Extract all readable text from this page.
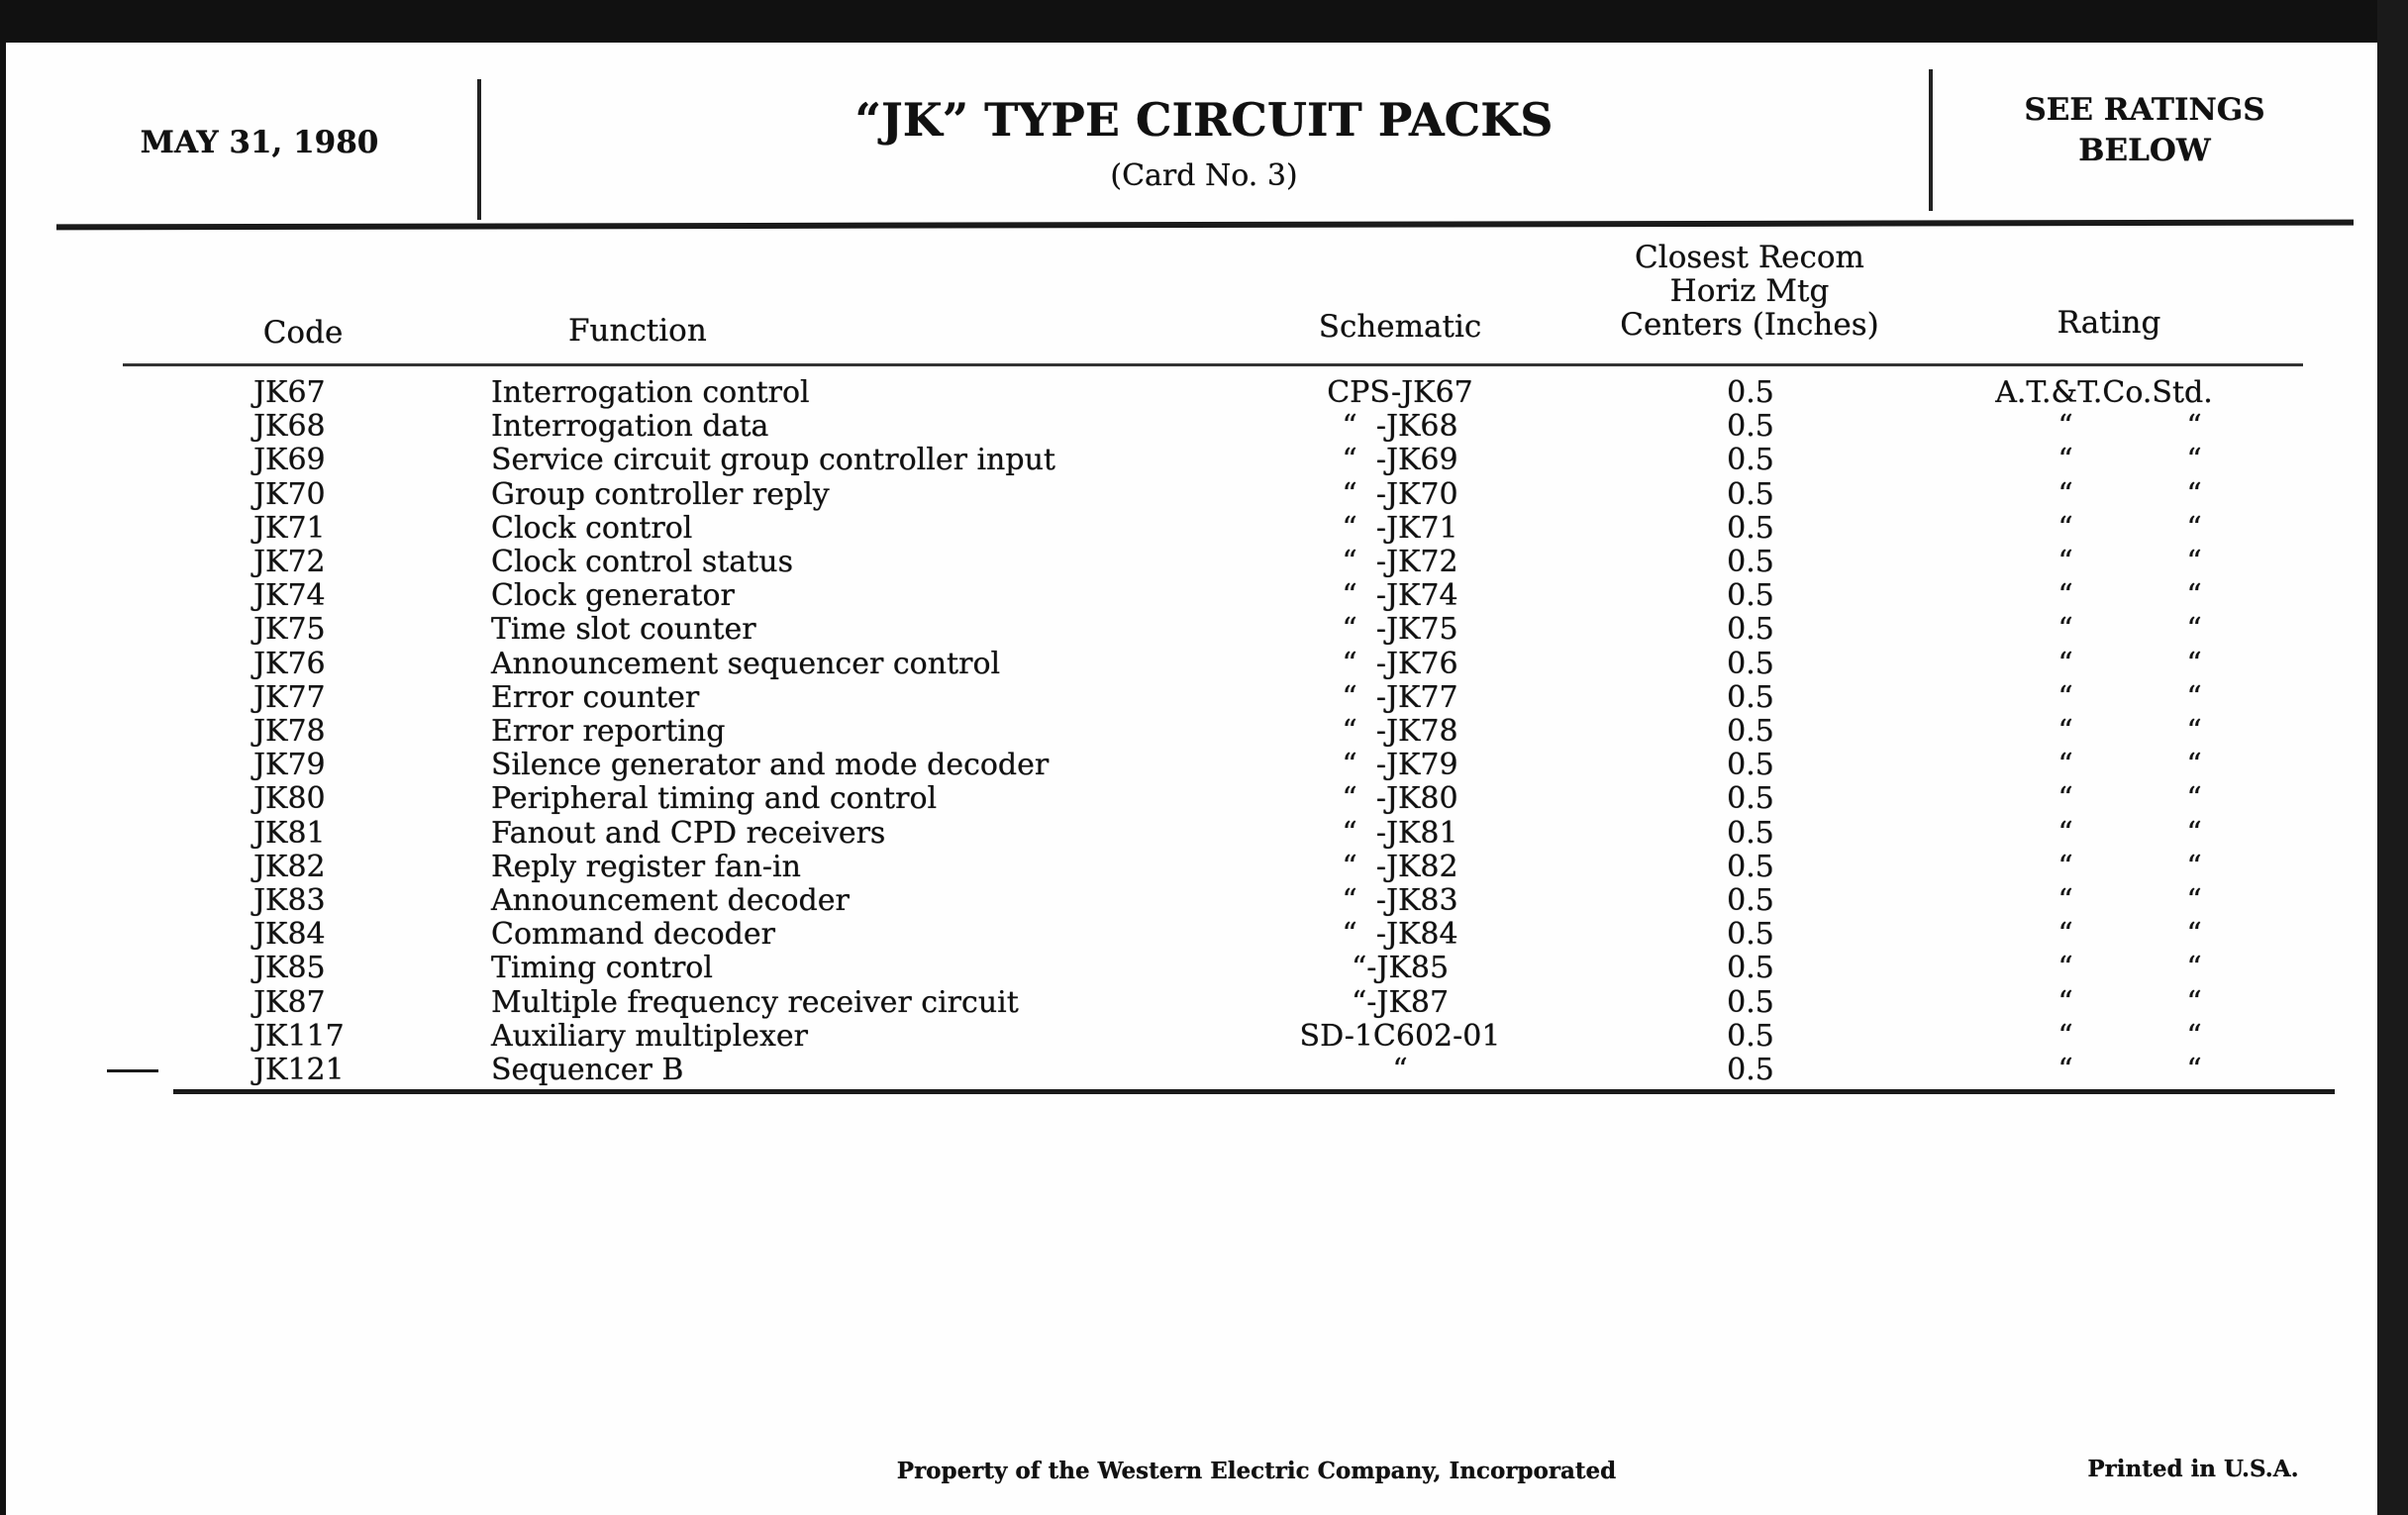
MAY 31, 1980	“JK” TYPE CIRCUIT PACKS
(Card No. 3)
SEE RATINGS
BELOW
Code	Function	Schematic
Closest Recom
Horiz Mtg
Centers (Inches)	Rating
JK67	Interrogation control	CPS-JK67	0.5	A.T.&T.Co.Std.
JK68	Interrogation data	“  -JK68	0.5	“	“
JK69	Service circuit group controller input	“  -JK69	0.5	“	“
JK70	Group controller reply	“  -JK70	0.5	“	“
JK71	Clock control	“  -JK71	0.5	“	“
JK72	Clock control status	“  -JK72	0.5	“	“
JK74	Clock generator	“  -JK74	0.5	“	“
JK75	Time slot counter	“  -JK75	0.5	“	“
JK76	Announcement sequencer control	“  -JK76	0.5	“	“
JK77	Error counter	“  -JK77	0.5	“	“
JK78	Error reporting	“  -JK78	0.5	“	“
JK79	Silence generator and mode decoder	“  -JK79	0.5	“	“
JK80	Peripheral timing and control	“  -JK80	0.5	“	“
JK81	Fanout and CPD receivers	“  -JK81	0.5	“	“
JK82	Reply register fan-in	“  -JK82	0.5	“	“
JK83	Announcement decoder	“  -JK83	0.5	“	“
JK84	Command decoder	“  -JK84	0.5	“	“
JK85	Timing control	“-JK85	0.5	“	“
JK87	Multiple frequency receiver circuit	“-JK87	0.5	“	“
JK117	Auxiliary multiplexer	SD-1C602-01	0.5	“	“
JK121	Sequencer B	“	0.5	“	“
Property of the Western Electric Company, Incorporated	Printed in U.S.A.
